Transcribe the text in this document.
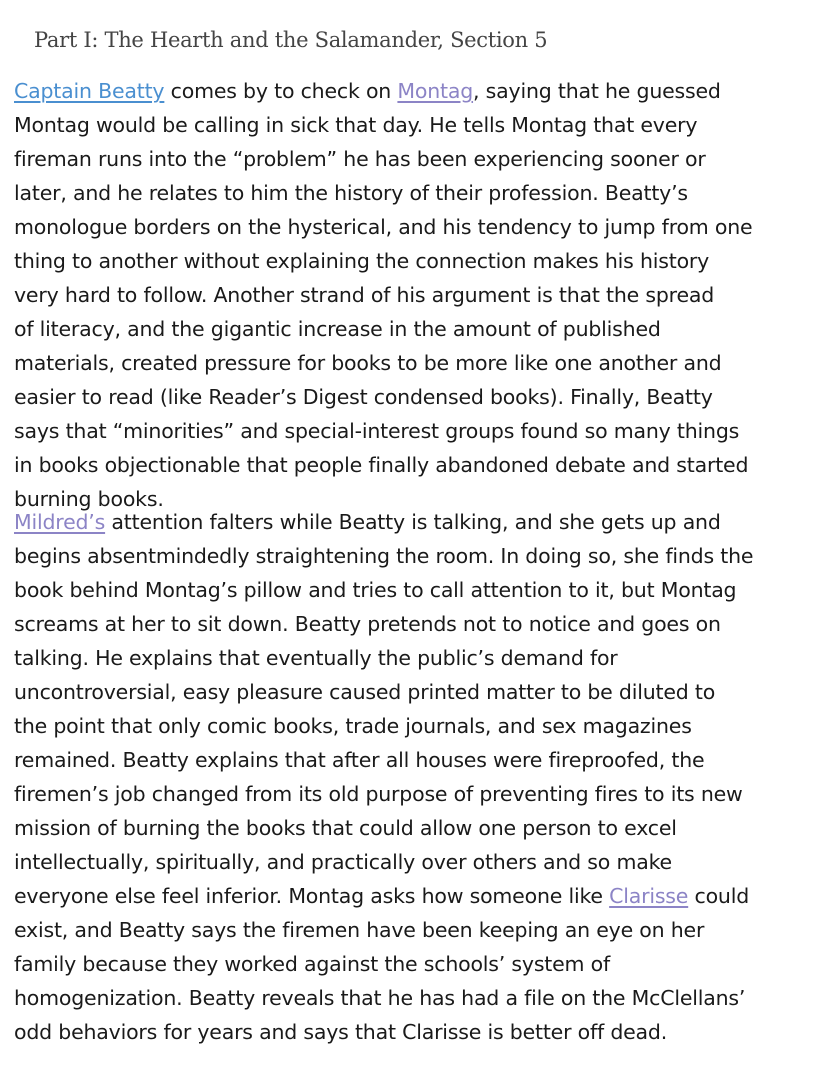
Part I: The Hearth and the Salamander, Section 5
Captain Beatty comes by to check on Montag, saying that he guessed
Montag would be calling in sick that day. He tells Montag that every
fireman runs into the “problem” he has been experiencing sooner or
later, and he relates to him the history of their profession. Beatty’s
monologue borders on the hysterical, and his tendency to jump from one
thing to another without explaining the connection makes his history
very hard to follow. Another strand of his argument is that the spread
of literacy, and the gigantic increase in the amount of published
materials, created pressure for books to be more like one another and
easier to read (like Reader’s Digest condensed books). Finally, Beatty
says that “minorities” and special-interest groups found so many things
in books objectionable that people finally abandoned debate and started
burning books.
Mildred’s attention falters while Beatty is talking, and she gets up and
begins absentmindedly straightening the room. In doing so, she finds the
book behind Montag’s pillow and tries to call attention to it, but Montag
screams at her to sit down. Beatty pretends not to notice and goes on
talking. He explains that eventually the public’s demand for
uncontroversial, easy pleasure caused printed matter to be diluted to
the point that only comic books, trade journals, and sex magazines
remained. Beatty explains that after all houses were fireproofed, the
firemen’s job changed from its old purpose of preventing fires to its new
mission of burning the books that could allow one person to excel
intellectually, spiritually, and practically over others and so make
everyone else feel inferior. Montag asks how someone like Clarisse could
exist, and Beatty says the firemen have been keeping an eye on her
family because they worked against the schools’ system of
homogenization. Beatty reveals that he has had a file on the McClellans’
odd behaviors for years and says that Clarisse is better off dead.
